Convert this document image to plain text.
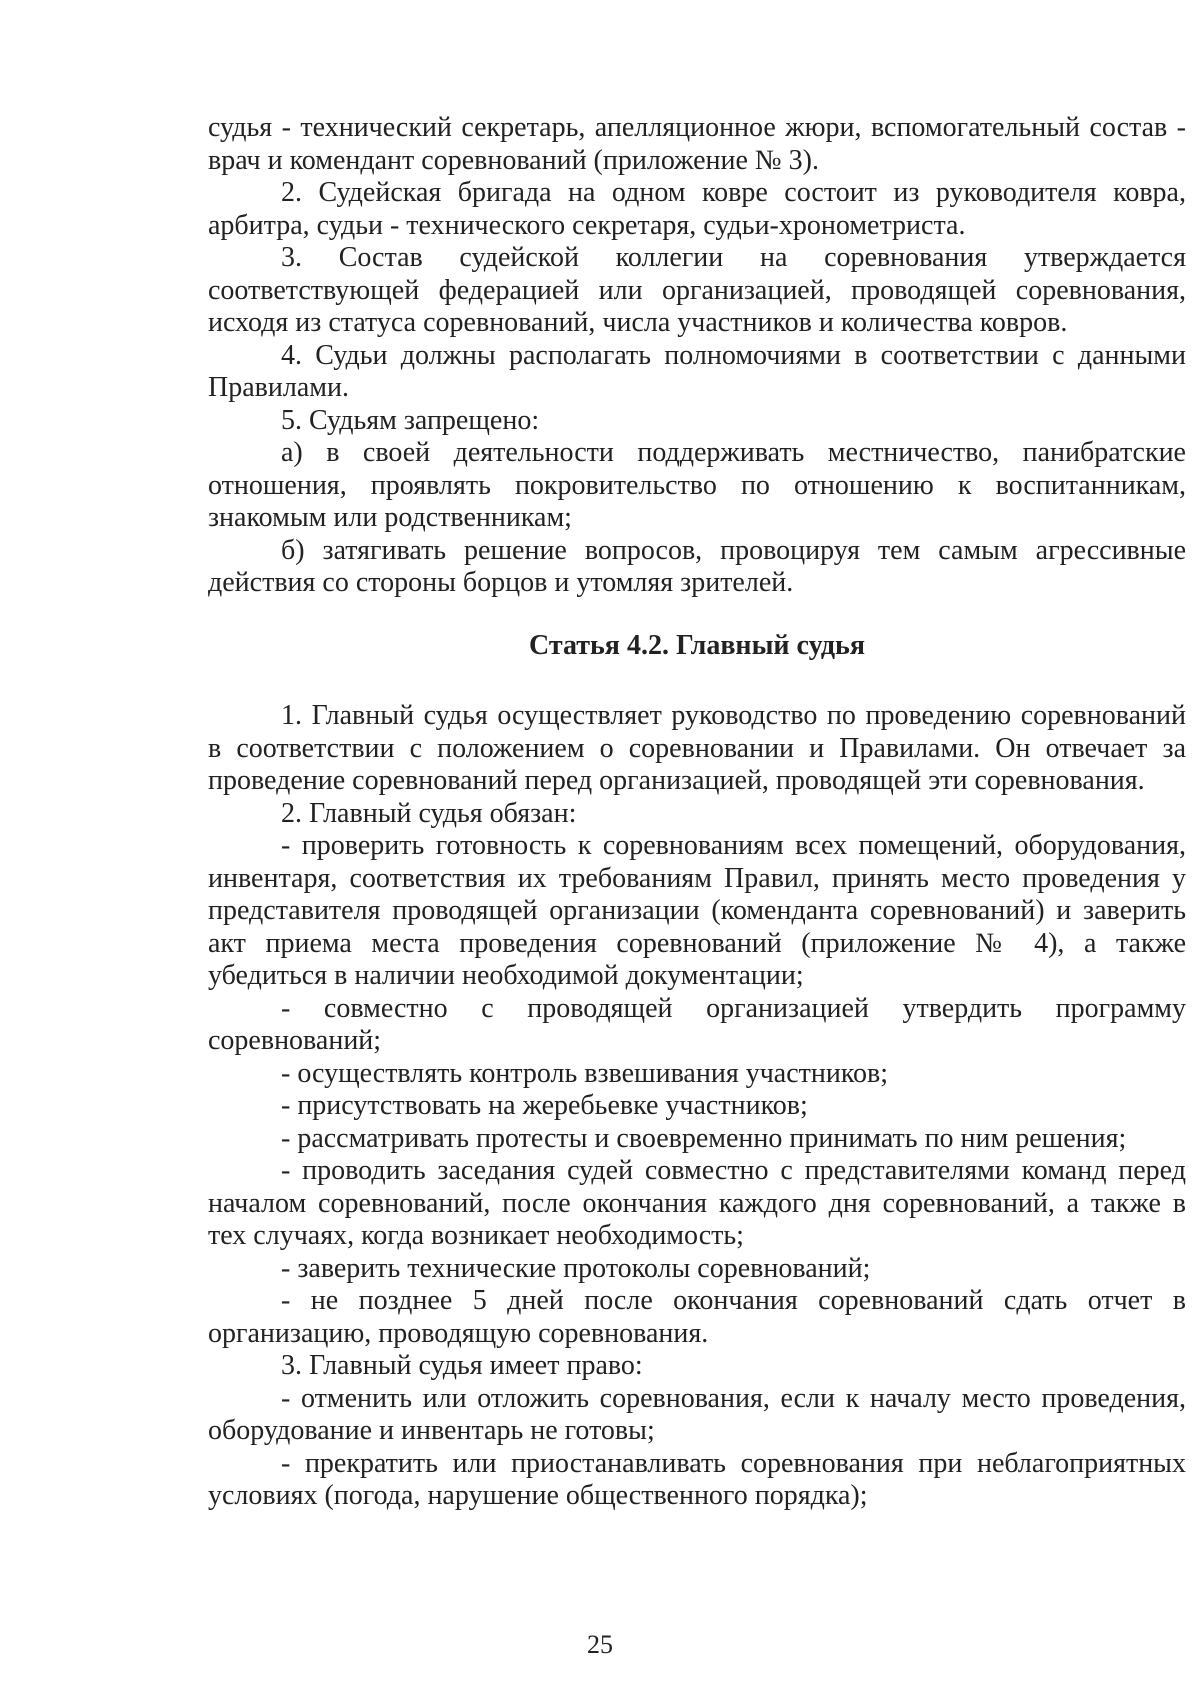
судья - технический секретарь, апелляционное жюри, вспомогательный состав - врач и комендант соревнований (приложение № 3).

2. Судейская бригада на одном ковре состоит из руководителя ковра, арбитра, судьи - технического секретаря, судьи-хронометриста.

3. Состав судейской коллегии на соревнования утверждается соответствующей федерацией или организацией, проводящей соревнования, исходя из статуса соревнований, числа участников и количества ковров.

4. Судьи должны располагать полномочиями в соответствии с данными Правилами.

5. Судьям запрещено:

а) в своей деятельности поддерживать местничество, панибратские отношения, проявлять покровительство по отношению к воспитанникам, знакомым или родственникам;

б) затягивать решение вопросов, провоцируя тем самым агрессивные действия со стороны борцов и утомляя зрителей.

Статья 4.2. Главный судья

1. Главный судья осуществляет руководство по проведению соревнований в соответствии с положением о соревновании и Правилами. Он отвечает за проведение соревнований перед организацией, проводящей эти соревнования.

2. Главный судья обязан:

- проверить готовность к соревнованиям всех помещений, оборудования, инвентаря, соответствия их требованиям Правил, принять место проведения у представителя проводящей организации (коменданта соревнований) и заверить акт приема места проведения соревнований (приложение № 4), а также убедиться в наличии необходимой документации;

- совместно с проводящей организацией утвердить программу соревнований;

- осуществлять контроль взвешивания участников;

- присутствовать на жеребьевке участников;

- рассматривать протесты и своевременно принимать по ним решения;

- проводить заседания судей совместно с представителями команд перед началом соревнований, после окончания каждого дня соревнований, а также в тех случаях, когда возникает необходимость;

- заверить технические протоколы соревнований;

- не позднее 5 дней после окончания соревнований сдать отчет в организацию, проводящую соревнования.

3. Главный судья имеет право:

- отменить или отложить соревнования, если к началу место проведения, оборудование и инвентарь не готовы;

- прекратить или приостанавливать соревнования при неблагоприятных условиях (погода, нарушение общественного порядка);

25
